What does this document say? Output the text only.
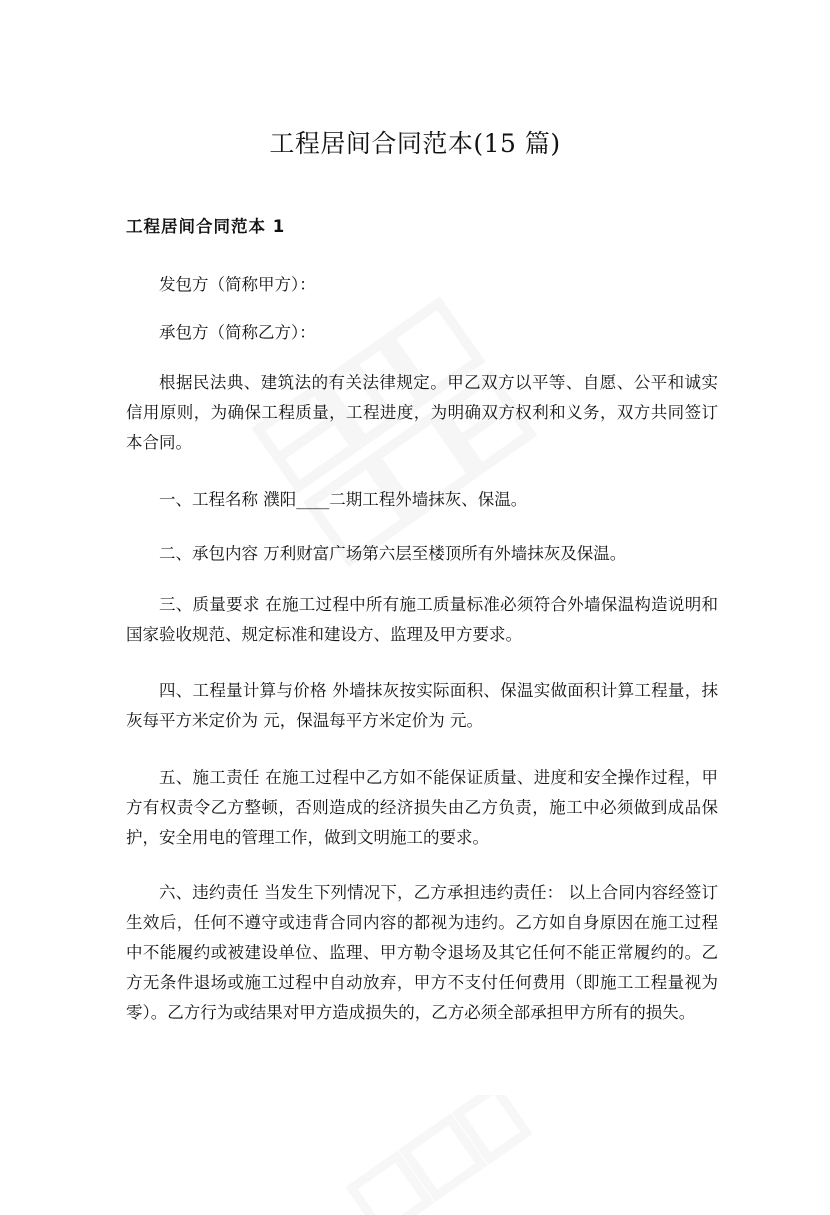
工程居间合同范本(15 篇)
工程居间合同范本 1
发包方（简称甲方）：
承包方（简称乙方）：
根据民法典、建筑法的有关法律规定。甲乙双方以平等、自愿、公平和诚实信用原则，为确保工程质量，工程进度，为明确双方权利和义务，双方共同签订本合同。
一、工程名称 濮阳____二期工程外墙抹灰、保温。
二、承包内容 万利财富广场第六层至楼顶所有外墙抹灰及保温。
三、质量要求 在施工过程中所有施工质量标准必须符合外墙保温构造说明和国家验收规范、规定标准和建设方、监理及甲方要求。
四、工程量计算与价格 外墙抹灰按实际面积、保温实做面积计算工程量，抹灰每平方米定价为 元，保温每平方米定价为 元。
五、施工责任 在施工过程中乙方如不能保证质量、进度和安全操作过程，甲方有权责令乙方整顿，否则造成的经济损失由乙方负责，施工中必须做到成品保护，安全用电的管理工作，做到文明施工的要求。
六、违约责任 当发生下列情况下，乙方承担违约责任： 以上合同内容经签订生效后，任何不遵守或违背合同内容的都视为违约。乙方如自身原因在施工过程中不能履约或被建设单位、监理、甲方勒令退场及其它任何不能正常履约的。乙方无条件退场或施工过程中自动放弃，甲方不支付任何费用（即施工工程量视为零）。乙方行为或结果对甲方造成损失的，乙方必须全部承担甲方所有的损失。
